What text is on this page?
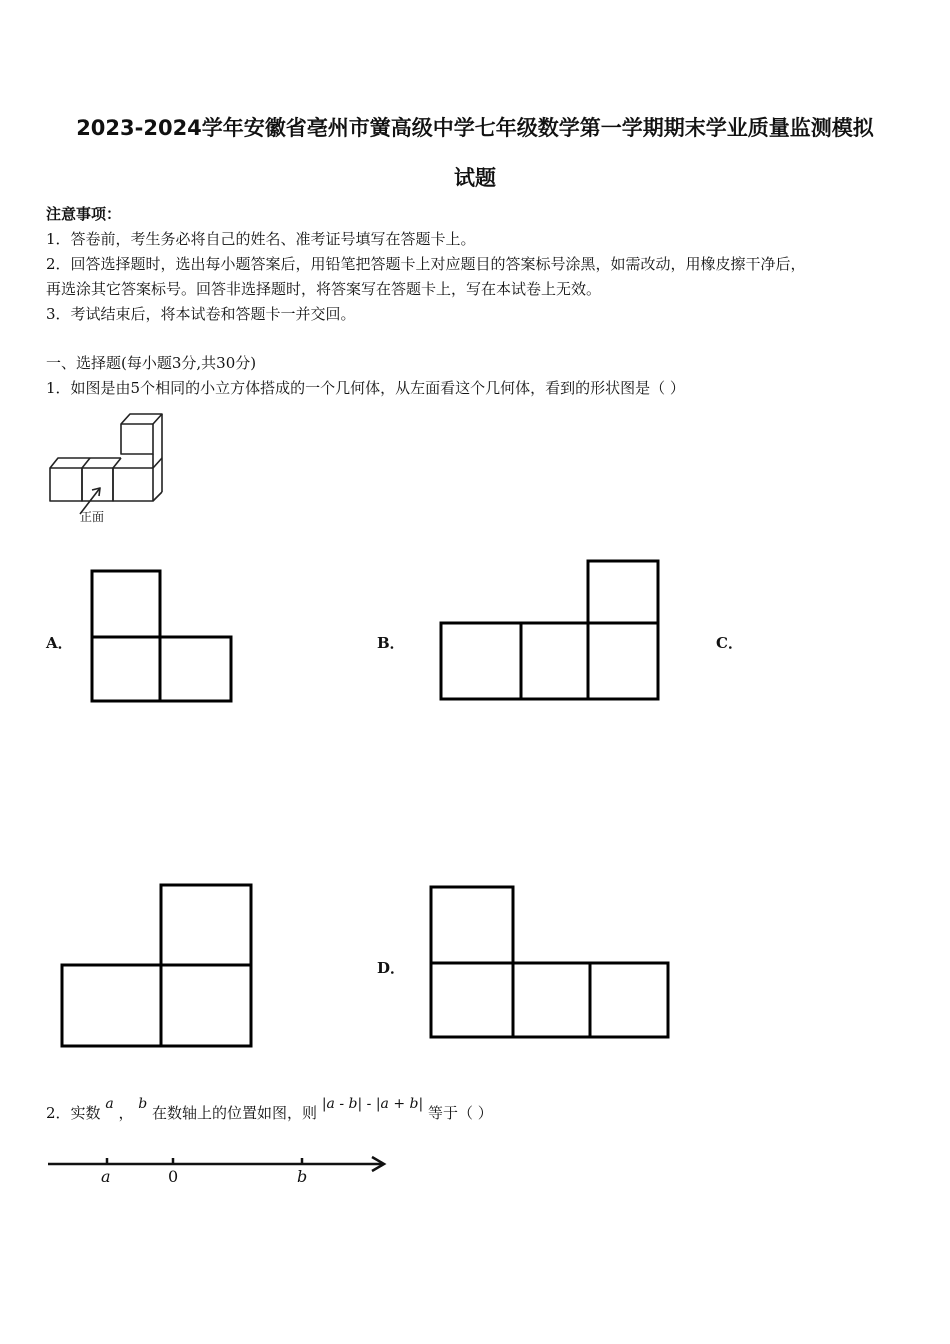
2023-2024学年安徽省亳州市黉高级中学七年级数学第一学期期末学业质量监测模拟
试题
注意事项：
1．答卷前，考生务必将自己的姓名、准考证号填写在答题卡上。
2．回答选择题时，选出每小题答案后，用铅笔把答题卡上对应题目的答案标号涂黑，如需改动，用橡皮擦干净后，
再选涂其它答案标号。回答非选择题时，将答案写在答题卡上，写在本试卷上无效。
3．考试结束后，将本试卷和答题卡一并交回。
一、选择题(每小题3分,共30分)
1．如图是由5个相同的小立方体搭成的一个几何体，从左面看这个几何体，看到的形状图是（ ）
正面
A．	B．	C．
D．
2．实数 a ， b 在数轴上的位置如图，则 |a - b| - |a + b| 等于（ ）
a	0	b
